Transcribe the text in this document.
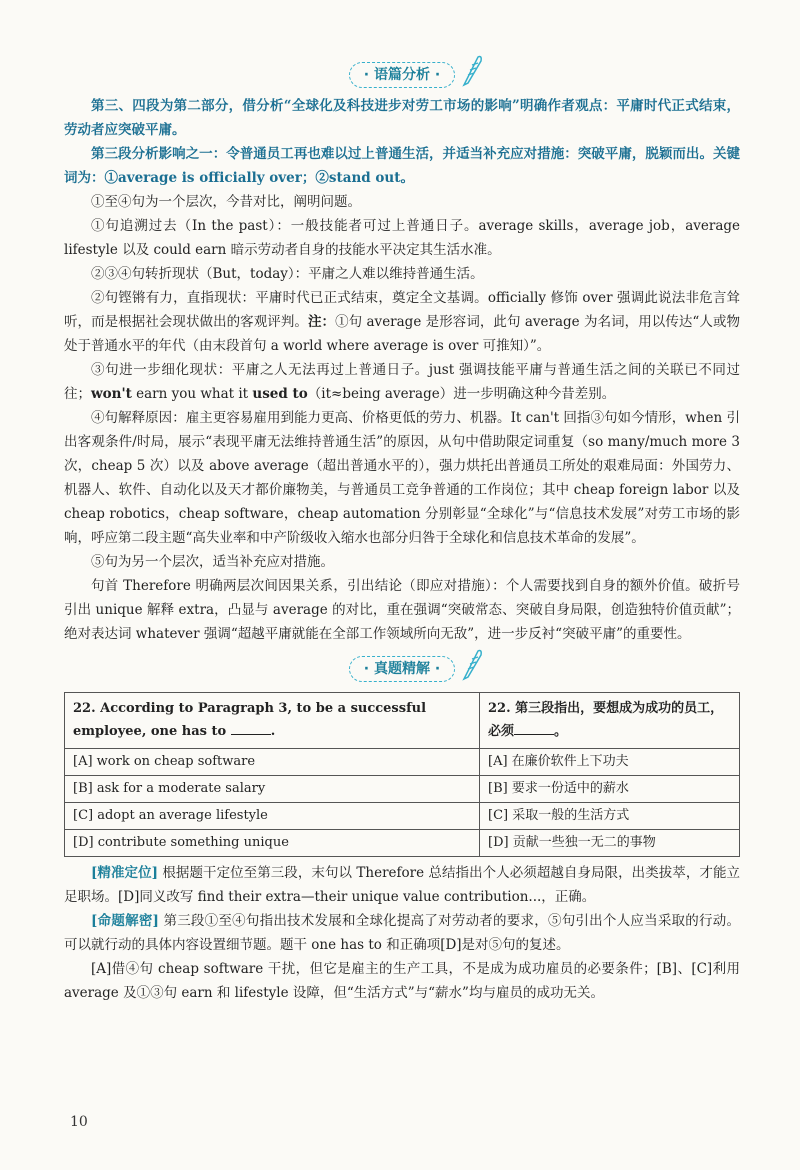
· 语篇分析 ·

第三、四段为第二部分，借分析“全球化及科技进步对劳工市场的影响”明确作者观点：平庸时代正式结束，劳动者应突破平庸。

第三段分析影响之一：令普通员工再也难以过上普通生活，并适当补充应对措施：突破平庸，脱颖而出。关键词为：①average is officially over；②stand out。

①至④句为一个层次，今昔对比，阐明问题。

①句追溯过去（In the past）：一般技能者可过上普通日子。average skills，average job，average lifestyle 以及 could earn 暗示劳动者自身的技能水平决定其生活水准。

②③④句转折现状（But，today）：平庸之人难以维持普通生活。

②句铿锵有力，直指现状：平庸时代已正式结束，奠定全文基调。officially 修饰 over 强调此说法非危言耸听，而是根据社会现状做出的客观评判。注：①句 average 是形容词，此句 average 为名词，用以传达“人或物处于普通水平的年代（由末段首句 a world where average is over 可推知）”。

③句进一步细化现状：平庸之人无法再过上普通日子。just 强调技能平庸与普通生活之间的关联已不同过往；won't earn you what it used to（it≈being average）进一步明确这种今昔差别。

④句解释原因：雇主更容易雇用到能力更高、价格更低的劳力、机器。It can't 回指③句如今情形，when 引出客观条件/时局，展示“表现平庸无法维持普通生活”的原因，从句中借助限定词重复（so many/much more 3 次，cheap 5 次）以及 above average（超出普通水平的），强力烘托出普通员工所处的艰难局面：外国劳力、机器人、软件、自动化以及天才都价廉物美，与普通员工竞争普通的工作岗位；其中 cheap foreign labor 以及 cheap robotics，cheap software，cheap automation 分别彰显“全球化”与“信息技术发展”对劳工市场的影响，呼应第二段主题“高失业率和中产阶级收入缩水也部分归咎于全球化和信息技术革命的发展”。

⑤句为另一个层次，适当补充应对措施。

句首 Therefore 明确两层次间因果关系，引出结论（即应对措施）：个人需要找到自身的额外价值。破折号引出 unique 解释 extra，凸显与 average 的对比，重在强调“突破常态、突破自身局限，创造独特价值贡献”；绝对表达词 whatever 强调“超越平庸就能在全部工作领域所向无敌”，进一步反衬“突破平庸”的重要性。

· 真题精解 ·
22. According to Paragraph 3, to be a successful employee, one has to .	22. 第三段指出，要想成为成功的员工，必须 。
[A] work on cheap software	[A] 在廉价软件上下功夫
[B] ask for a moderate salary	[B] 要求一份适中的薪水
[C] adopt an average lifestyle	[C] 采取一般的生活方式
[D] contribute something unique	[D] 贡献一些独一无二的事物

[精准定位] 根据题干定位至第三段，末句以 Therefore 总结指出个人必须超越自身局限，出类拔萃，才能立足职场。[D]同义改写 find their extra—their unique value contribution...，正确。

[命题解密] 第三段①至④句指出技术发展和全球化提高了对劳动者的要求，⑤句引出个人应当采取的行动。可以就行动的具体内容设置细节题。题干 one has to 和正确项[D]是对⑤句的复述。

[A]借④句 cheap software 干扰，但它是雇主的生产工具，不是成为成功雇员的必要条件；[B]、[C]利用 average 及①③句 earn 和 lifestyle 设障，但“生活方式”与“薪水”均与雇员的成功无关。

10
